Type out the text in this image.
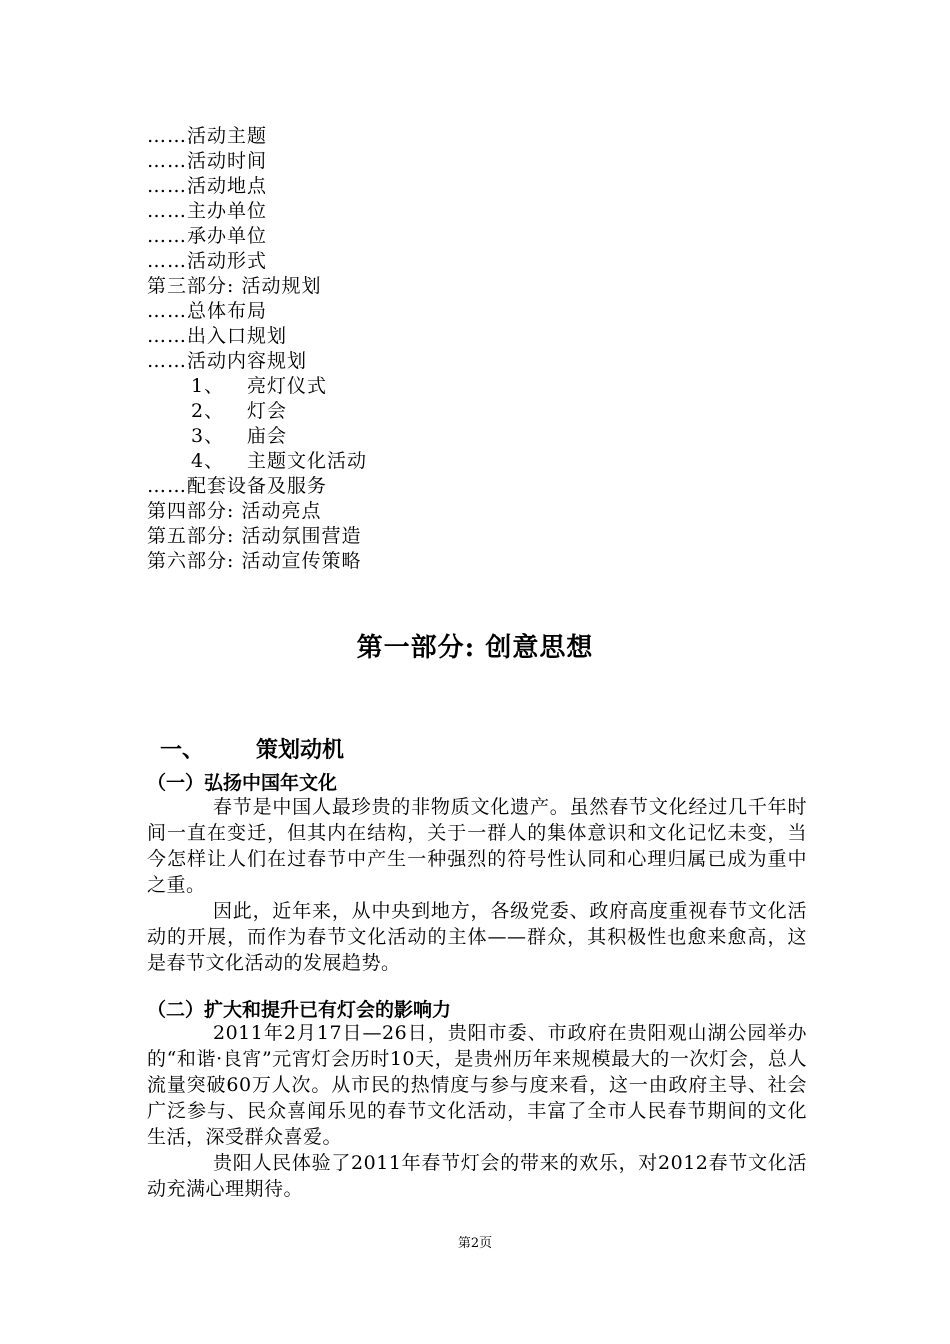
……活动主题
……活动时间
……活动地点
……主办单位
……承办单位
……活动形式
第三部分: 活动规划
……总体布局
……出入口规划
……活动内容规划
1、 亮灯仪式
2、 灯会
3、 庙会
4、 主题文化活动
……配套设备及服务
第四部分: 活动亮点
第五部分: 活动氛围营造
第六部分: 活动宣传策略
第一部分: 创意思想
一、 策划动机
（一）弘扬中国年文化

春节是中国人最珍贵的非物质文化遗产。虽然春节文化经过几千年时间一直在变迁，但其内在结构，关于一群人的集体意识和文化记忆未变，当今怎样让人们在过春节中产生一种强烈的符号性认同和心理归属已成为重中之重。

因此，近年来，从中央到地方，各级党委、政府高度重视春节文化活动的开展，而作为春节文化活动的主体——群众，其积极性也愈来愈高，这是春节文化活动的发展趋势。

（二）扩大和提升已有灯会的影响力

2011年2月17日—26日，贵阳市委、市政府在贵阳观山湖公园举办的“和谐·良宵”元宵灯会历时10天，是贵州历年来规模最大的一次灯会，总人流量突破60万人次。从市民的热情度与参与度来看，这一由政府主导、社会广泛参与、民众喜闻乐见的春节文化活动，丰富了全市人民春节期间的文化生活，深受群众喜爱。

贵阳人民体验了2011年春节灯会的带来的欢乐，对2012春节文化活动充满心理期待。

第2页
